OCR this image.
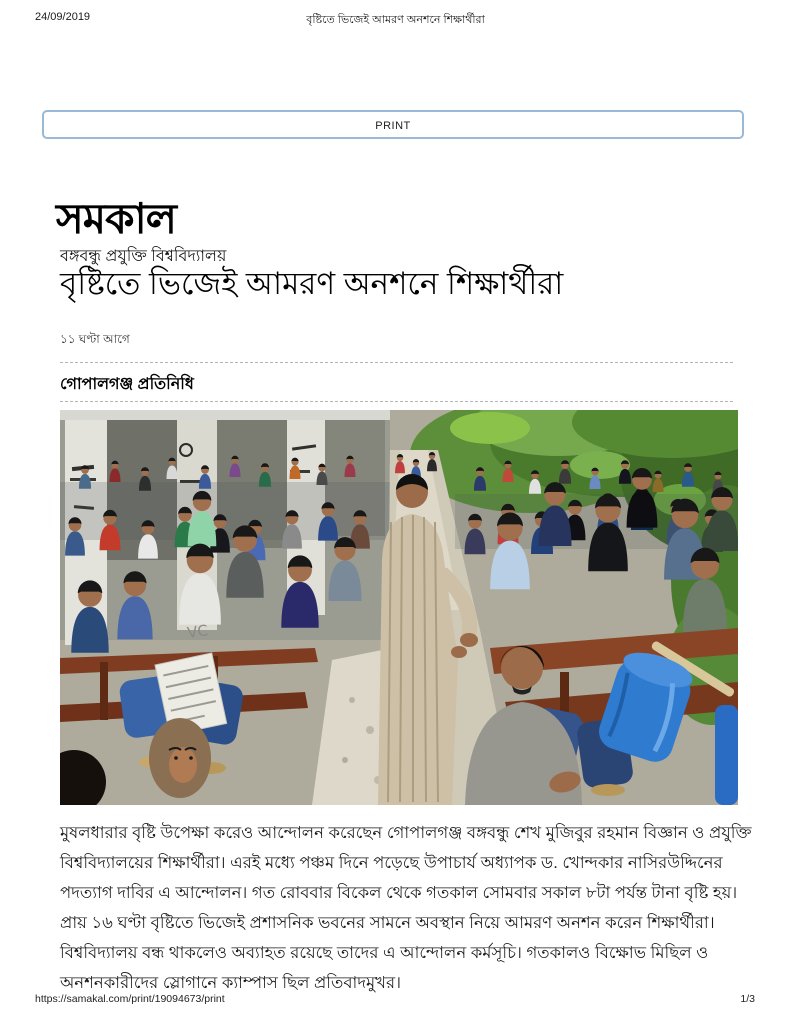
24/09/2019	বৃষ্টিতে ভিজেই আমরণ অনশনে শিক্ষার্থীরা
PRINT
সমকাল
বঙ্গবন্ধু প্রযুক্তি বিশ্ববিদ্যালয়
বৃষ্টিতে ভিজেই আমরণ অনশনে শিক্ষার্থীরা
১১ ঘণ্টা আগে
গোপালগঞ্জ প্রতিনিধি
VC
মুষলধারার বৃষ্টি উপেক্ষা করেও আন্দোলন করেছেন গোপালগঞ্জ বঙ্গবন্ধু শেখ মুজিবুর রহমান বিজ্ঞান ও প্রযুক্তি বিশ্ববিদ্যালয়ের শিক্ষার্থীরা। এরই মধ্যে পঞ্চম দিনে পড়েছে উপাচার্য অধ্যাপক ড. খোন্দকার নাসিরউদ্দিনের পদত্যাগ দাবির এ আন্দোলন। গত রোববার বিকেল থেকে গতকাল সোমবার সকাল ৮টা পর্যন্ত টানা বৃষ্টি হয়। প্রায় ১৬ ঘণ্টা বৃষ্টিতে ভিজেই প্রশাসনিক ভবনের সামনে অবস্থান নিয়ে আমরণ অনশন করেন শিক্ষার্থীরা। বিশ্ববিদ্যালয় বন্ধ থাকলেও অব্যাহত রয়েছে তাদের এ আন্দোলন কর্মসূচি। গতকালও বিক্ষোভ মিছিল ও অনশনকারীদের স্লোগানে ক্যাম্পাস ছিল প্রতিবাদমুখর।
https://samakal.com/print/19094673/print	1/3
